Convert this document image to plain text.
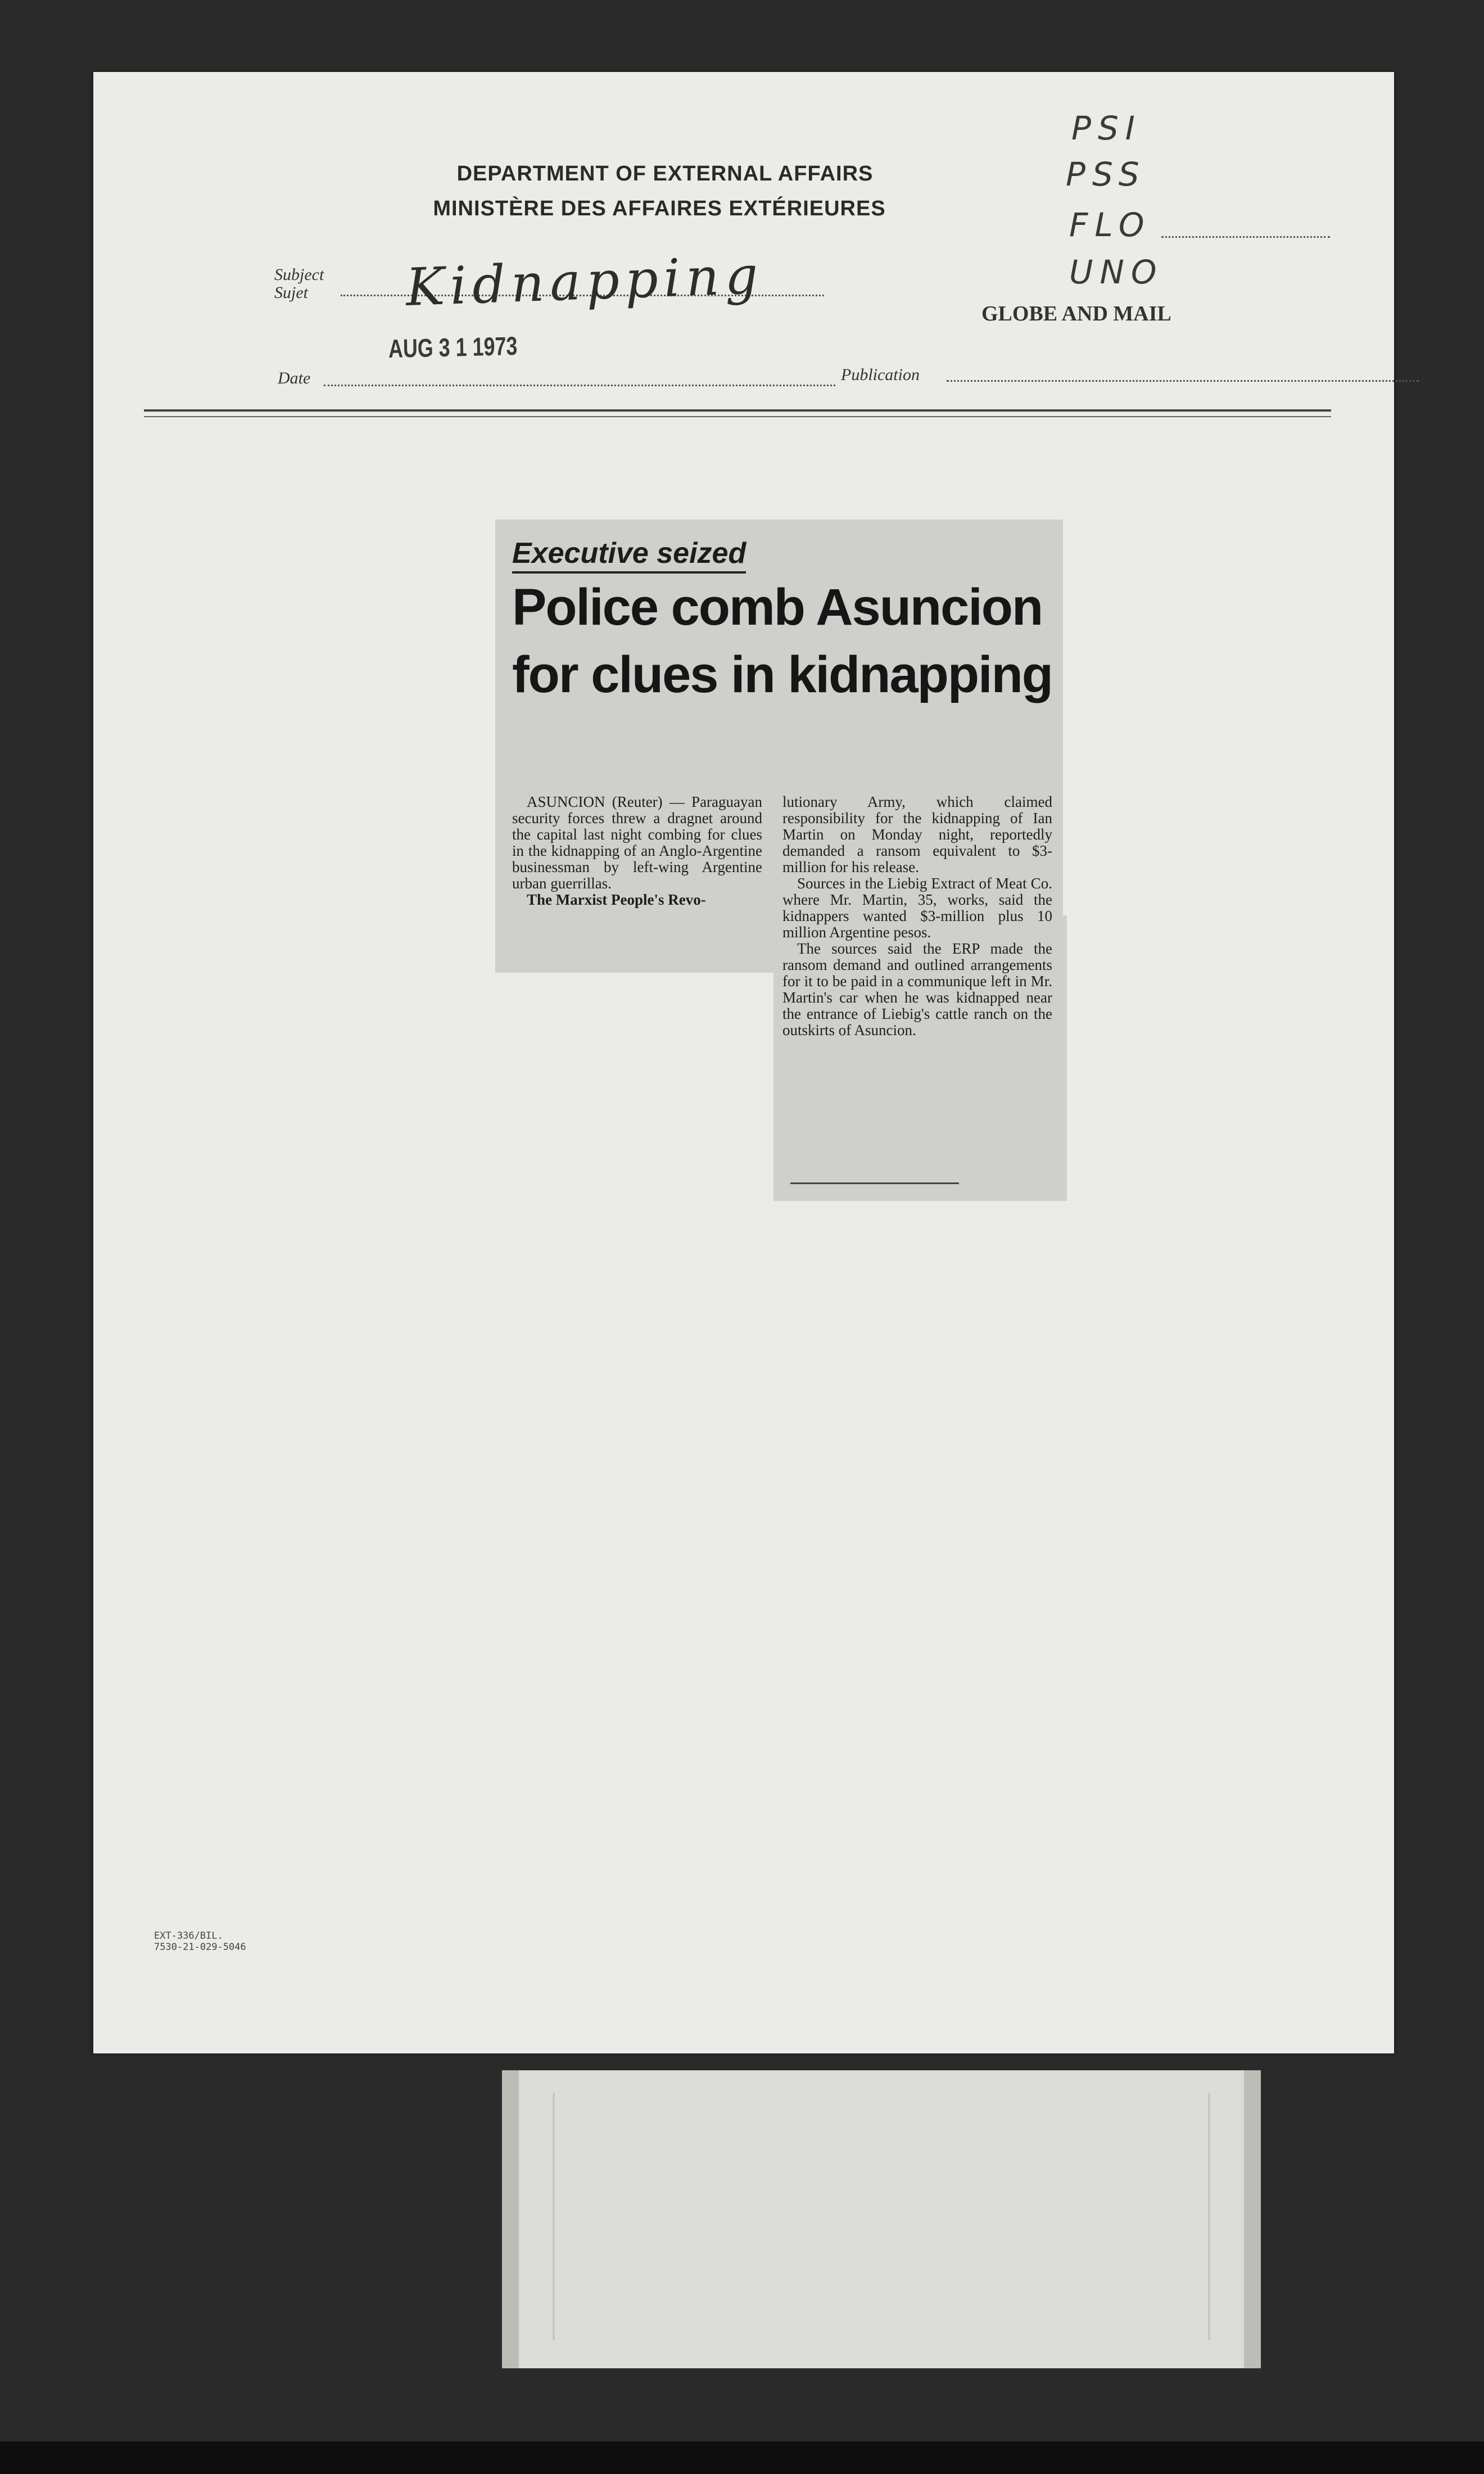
DEPARTMENT OF EXTERNAL AFFAIRS
MINISTÈRE DES AFFAIRES EXTÉRIEURES
Subject
Sujet Kidnapping	GLOBE AND MAIL
PSI
PSS
FLO
UNO
AUG 3 1 1973
Date	Publication
Executive seized
Police comb Asuncion
for clues in kidnapping

ASUNCION (Reuter) — Paraguayan security forces threw a dragnet around the capital last night combing for clues in the kidnapping of an Anglo-Argentine businessman by left-wing Argentine urban guerrillas.

The Marxist People's Revo-

lutionary Army, which claimed responsibility for the kidnapping of Ian Martin on Monday night, reportedly demanded a ransom equivalent to $3-million for his release.

Sources in the Liebig Extract of Meat Co. where Mr. Martin, 35, works, said the kidnappers wanted $3-million plus 10 million Argentine pesos.

The sources said the ERP made the ransom demand and outlined arrangements for it to be paid in a communique left in Mr. Martin's car when he was kidnapped near the entrance of Liebig's cattle ranch on the outskirts of Asuncion.

EXT-336/BIL.
7530-21-029-5046
